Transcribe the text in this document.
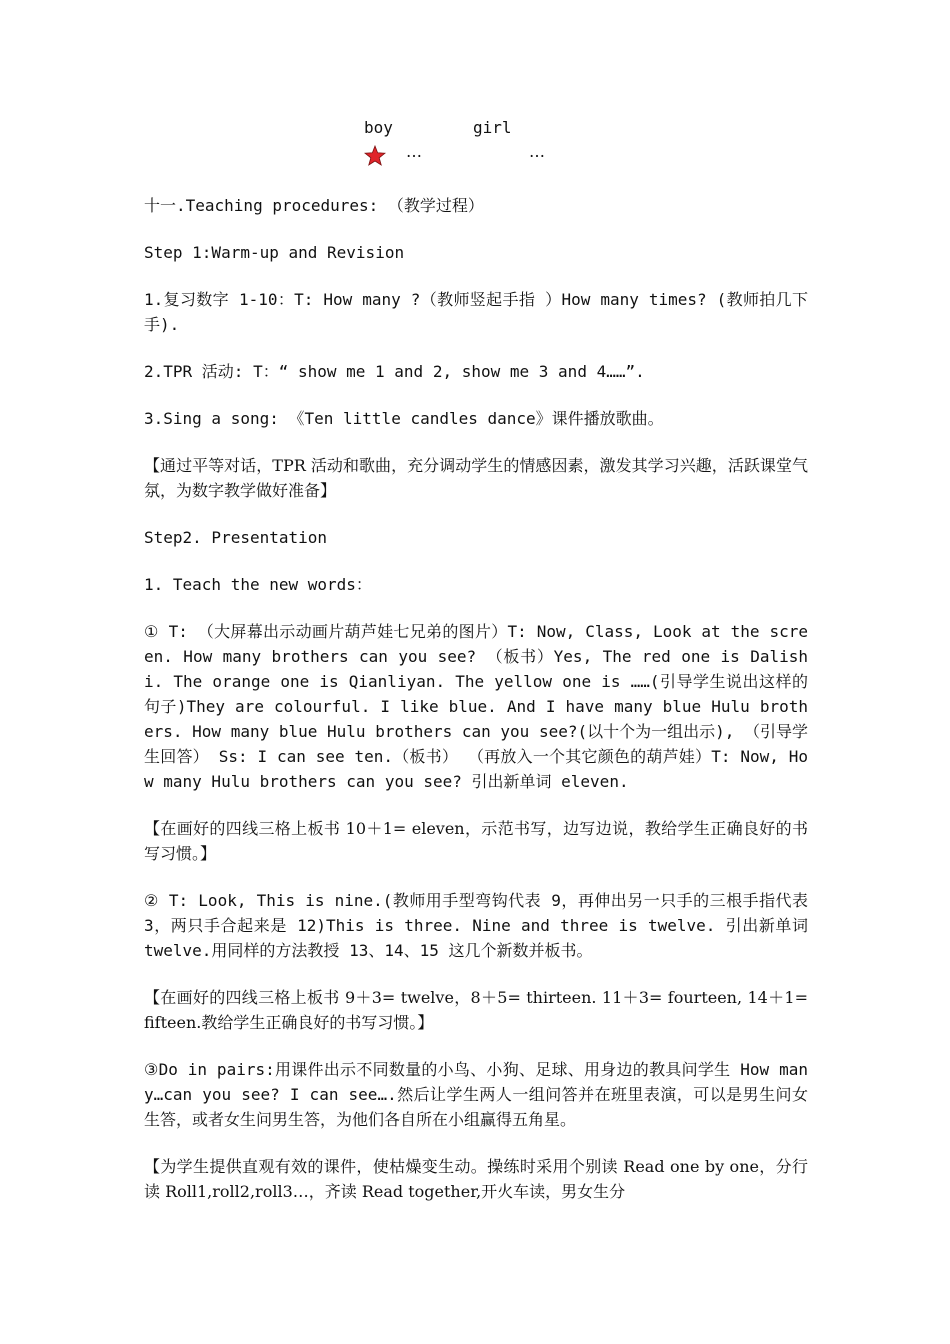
boy	girl
…	…

十一.Teaching procedures: （教学过程）

Step 1:Warm-up and Revision

1.复习数字 1-10：T: How many ?（教师竖起手指 ）How many times? (教师拍几下手).

2.TPR 活动: T：“ show me 1 and 2, show me 3 and 4……”.

3.Sing a song: 《Ten little candles dance》课件播放歌曲。

【通过平等对话，TPR 活动和歌曲，充分调动学生的情感因素，激发其学习兴趣，活跃课堂气氛，为数字教学做好准备】

Step2. Presentation

1. Teach the new words：

① T: （大屏幕出示动画片葫芦娃七兄弟的图片）T: Now, Class, Look at the screen. How many brothers can you see? （板书）Yes, The red one is Dalishi. The orange one is Qianliyan. The yellow one is ……(引导学生说出这样的句子)They are colourful. I like blue. And I have many blue Hulu brothers. How many blue Hulu brothers can you see?(以十个为一组出示), （引导学生回答） Ss: I can see ten.（板书） （再放入一个其它颜色的葫芦娃）T: Now, How many Hulu brothers can you see? 引出新单词 eleven.

【在画好的四线三格上板书 10＋1= eleven，示范书写，边写边说，教给学生正确良好的书写习惯。】

② T: Look, This is nine.(教师用手型弯钩代表 9，再伸出另一只手的三根手指代表 3，两只手合起来是 12)This is three. Nine and three is twelve. 引出新单词 twelve.用同样的方法教授 13、14、15 这几个新数并板书。

【在画好的四线三格上板书 9＋3= twelve，8＋5= thirteen. 11＋3= fourteen, 14＋1= fifteen.教给学生正确良好的书写习惯。】

③Do in pairs:用课件出示不同数量的小鸟、小狗、足球、用身边的教具问学生 How many…can you see? I can see….然后让学生两人一组问答并在班里表演，可以是男生问女生答，或者女生问男生答，为他们各自所在小组赢得五角星。

【为学生提供直观有效的课件，使枯燥变生动。操练时采用个别读 Read one by one，分行读 Roll1,roll2,roll3…，齐读 Read together,开火车读，男女生分
